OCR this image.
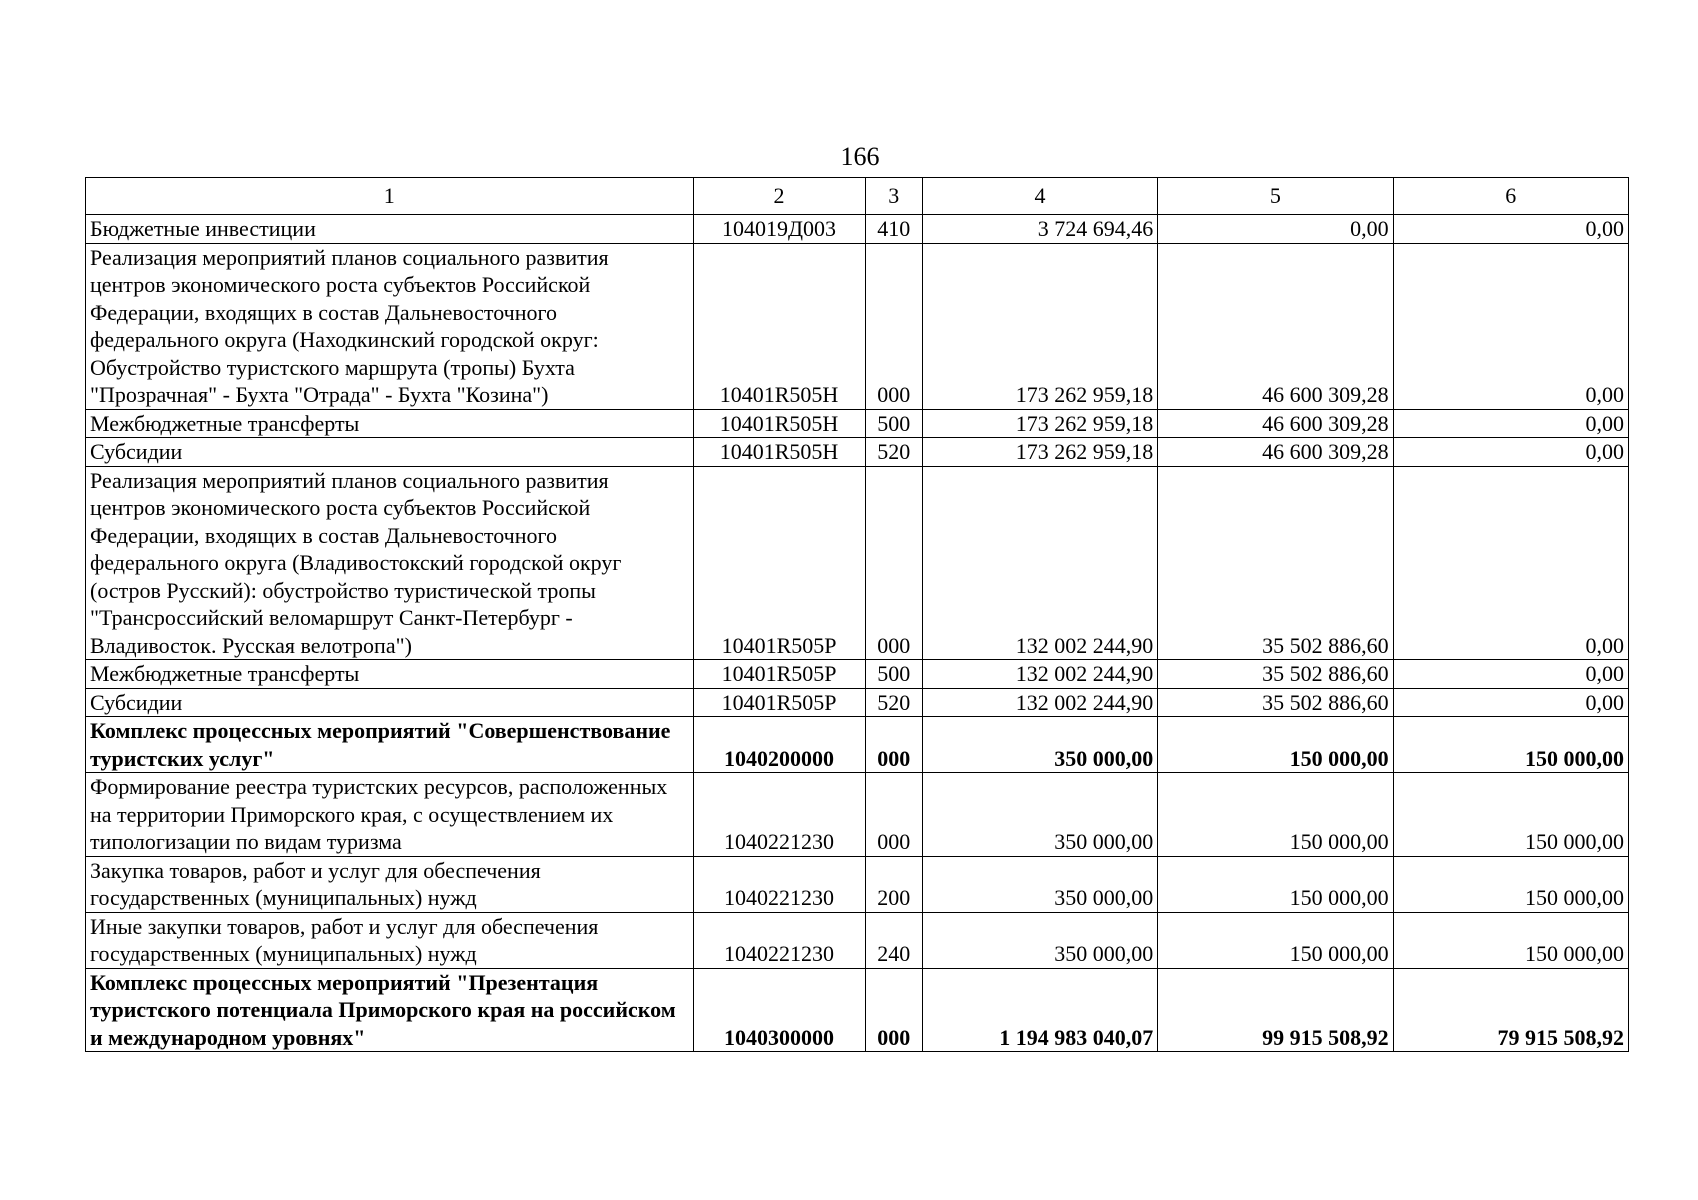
166
1	2	3	4	5	6
Бюджетные инвестиции	104019Д003	410	3 724 694,46	0,00	0,00
Реализация мероприятий планов социального развития центров экономического роста субъектов Российской Федерации, входящих в состав Дальневосточного федерального округа (Находкинский городской округ: Обустройство туристского маршрута (тропы) Бухта "Прозрачная" - Бухта "Отрада" - Бухта "Козина")	10401R505H	000	173 262 959,18	46 600 309,28	0,00
Межбюджетные трансферты	10401R505H	500	173 262 959,18	46 600 309,28	0,00
Субсидии	10401R505H	520	173 262 959,18	46 600 309,28	0,00
Реализация мероприятий планов социального развития центров экономического роста субъектов Российской Федерации, входящих в состав Дальневосточного федерального округа (Владивостокский городской округ (остров Русский): обустройство туристической тропы "Трансроссийский веломаршрут Санкт-Петербург - Владивосток. Русская велотропа")	10401R505P	000	132 002 244,90	35 502 886,60	0,00
Межбюджетные трансферты	10401R505P	500	132 002 244,90	35 502 886,60	0,00
Субсидии	10401R505P	520	132 002 244,90	35 502 886,60	0,00
Комплекс процессных мероприятий "Совершенствование туристских услуг"	1040200000	000	350 000,00	150 000,00	150 000,00
Формирование реестра туристских ресурсов, расположенных на территории Приморского края, с осуществлением их типологизации по видам туризма	1040221230	000	350 000,00	150 000,00	150 000,00
Закупка товаров, работ и услуг для обеспечения государственных (муниципальных) нужд	1040221230	200	350 000,00	150 000,00	150 000,00
Иные закупки товаров, работ и услуг для обеспечения государственных (муниципальных) нужд	1040221230	240	350 000,00	150 000,00	150 000,00
Комплекс процессных мероприятий "Презентация туристского потенциала Приморского края на российском и международном уровнях"	1040300000	000	1 194 983 040,07	99 915 508,92	79 915 508,92
